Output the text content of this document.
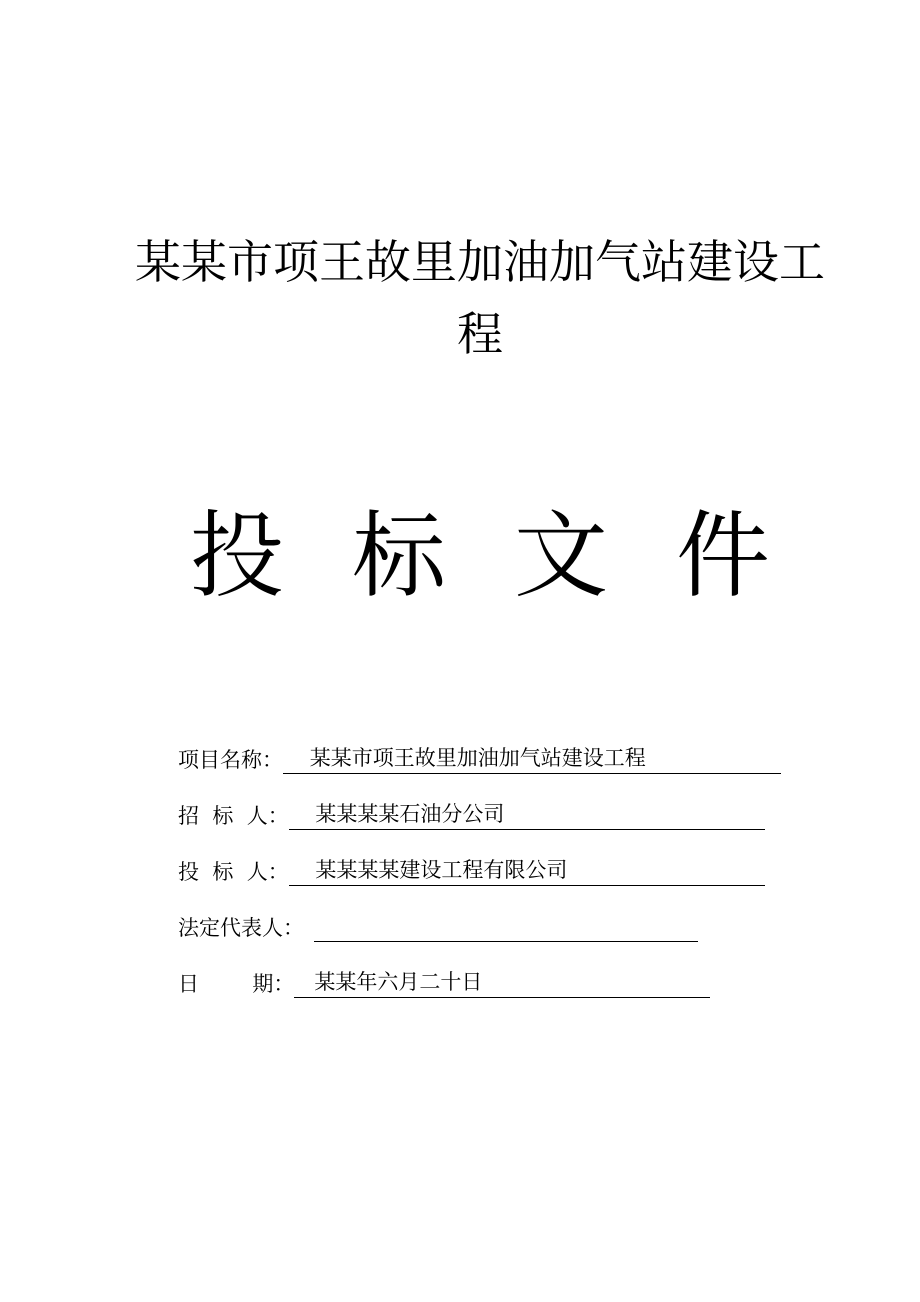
某某市项王故里加油加气站建设工程
投标文件
项目名称： 某某市项王故里加油加气站建设工程
招  标  人： 某某某某石油分公司
投  标  人： 某某某某建设工程有限公司
法定代表人：
日        期： 某某年六月二十日
